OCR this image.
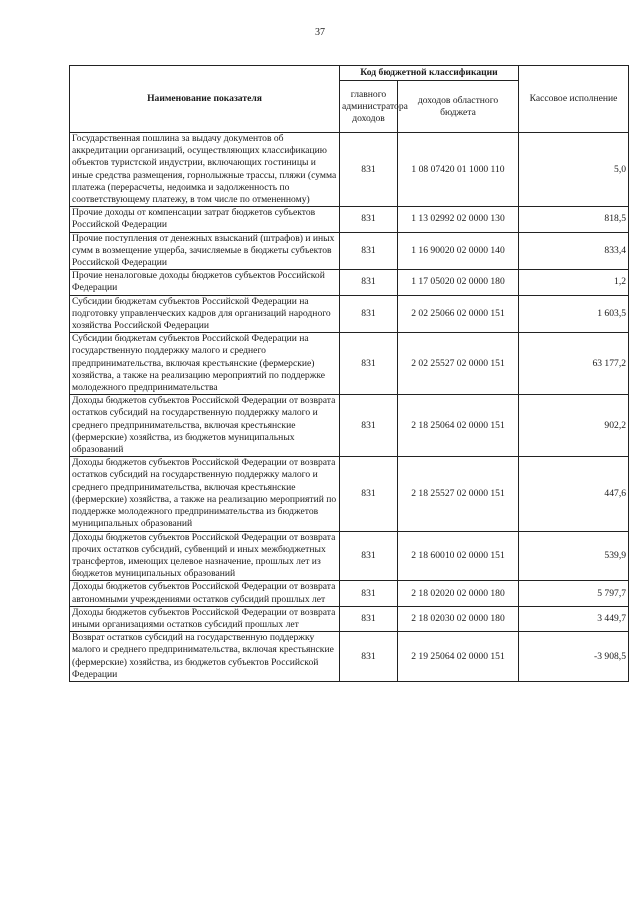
37
Наименование показателя	Код бюджетной классификации		Кассовое исполнение
	главного администратора доходов	доходов областного бюджета	
Государственная пошлина за выдачу документов об аккредитации организаций, осуществляющих классификацию объектов туристской индустрии, включающих гостиницы и иные средства размещения, горнолыжные трассы, пляжи (сумма платежа (перерасчеты, недоимка и задолженность по соответствующему платежу, в том числе по отмененному)	831	1 08 07420 01 1000 110	5,0
Прочие доходы от компенсации затрат бюджетов субъектов Российской Федерации	831	1 13 02992 02 0000 130	818,5
Прочие поступления от денежных взысканий (штрафов) и иных сумм в возмещение ущерба, зачисляемые в бюджеты субъектов Российской Федерации	831	1 16 90020 02 0000 140	833,4
Прочие неналоговые доходы бюджетов субъектов Российской Федерации	831	1 17 05020 02 0000 180	1,2
Субсидии бюджетам субъектов Российской Федерации на подготовку управленческих кадров для организаций народного хозяйства Российской Федерации	831	2 02 25066 02 0000 151	1 603,5
Субсидии бюджетам субъектов Российской Федерации на государственную поддержку малого и среднего предпринимательства, включая крестьянские (фермерские) хозяйства, а также на реализацию мероприятий по поддержке молодежного предпринимательства	831	2 02 25527 02 0000 151	63 177,2
Доходы бюджетов субъектов Российской Федерации от возврата остатков субсидий на государственную поддержку малого и среднего предпринимательства, включая крестьянские (фермерские) хозяйства, из бюджетов муниципальных образований	831	2 18 25064 02 0000 151	902,2
Доходы бюджетов субъектов Российской Федерации от возврата остатков субсидий на государственную поддержку малого и среднего предпринимательства, включая крестьянские (фермерские) хозяйства, а также на реализацию мероприятий по поддержке молодежного предпринимательства из бюджетов муниципальных образований	831	2 18 25527 02 0000 151	447,6
Доходы бюджетов субъектов Российской Федерации от возврата прочих остатков субсидий, субвенций и иных межбюджетных трансфертов, имеющих целевое назначение, прошлых лет из бюджетов муниципальных образований	831	2 18 60010 02 0000 151	539,9
Доходы бюджетов субъектов Российской Федерации от возврата автономными учреждениями остатков субсидий прошлых лет	831	2 18 02020 02 0000 180	5 797,7
Доходы бюджетов субъектов Российской Федерации от возврата иными организациями остатков субсидий прошлых лет	831	2 18 02030 02 0000 180	3 449,7
Возврат остатков субсидий на государственную поддержку малого и среднего предпринимательства, включая крестьянские (фермерские) хозяйства, из бюджетов субъектов Российской Федерации	831	2 19 25064 02 0000 151	-3 908,5
